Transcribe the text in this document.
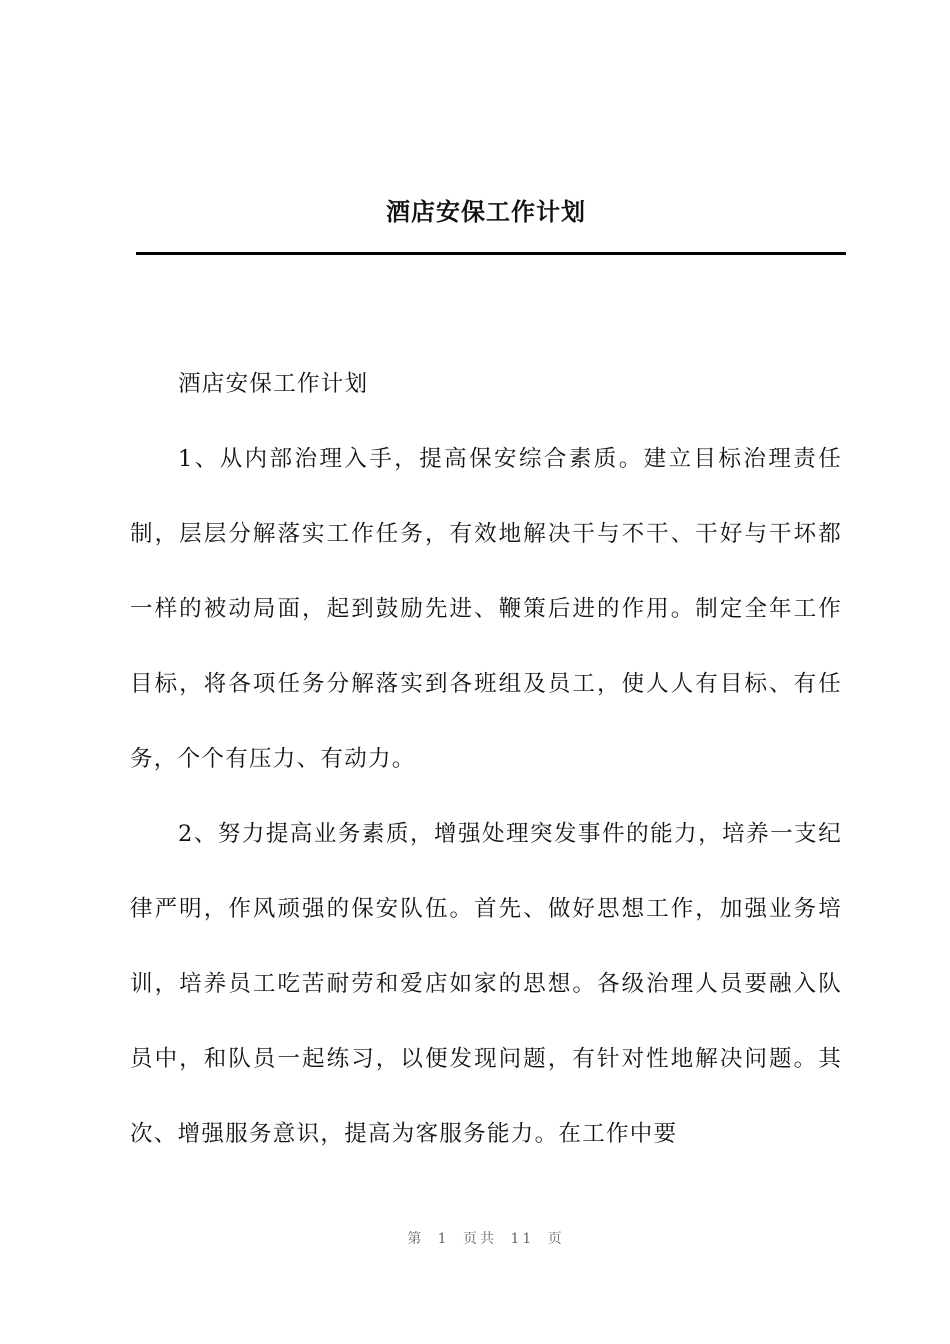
酒店安保工作计划

酒店安保工作计划

1、从内部治理入手，提高保安综合素质。建立目标治理责任制，层层分解落实工作任务，有效地解决干与不干、干好与干坏都一样的被动局面，起到鼓励先进、鞭策后进的作用。制定全年工作目标，将各项任务分解落实到各班组及员工，使人人有目标、有任务，个个有压力、有动力。

2、努力提高业务素质，增强处理突发事件的能力，培养一支纪律严明，作风顽强的保安队伍。首先、做好思想工作，加强业务培训，培养员工吃苦耐劳和爱店如家的思想。各级治理人员要融入队员中，和队员一起练习，以便发现问题，有针对性地解决问题。其次、增强服务意识，提高为客服务能力。在工作中要

第 1 页共 11 页
